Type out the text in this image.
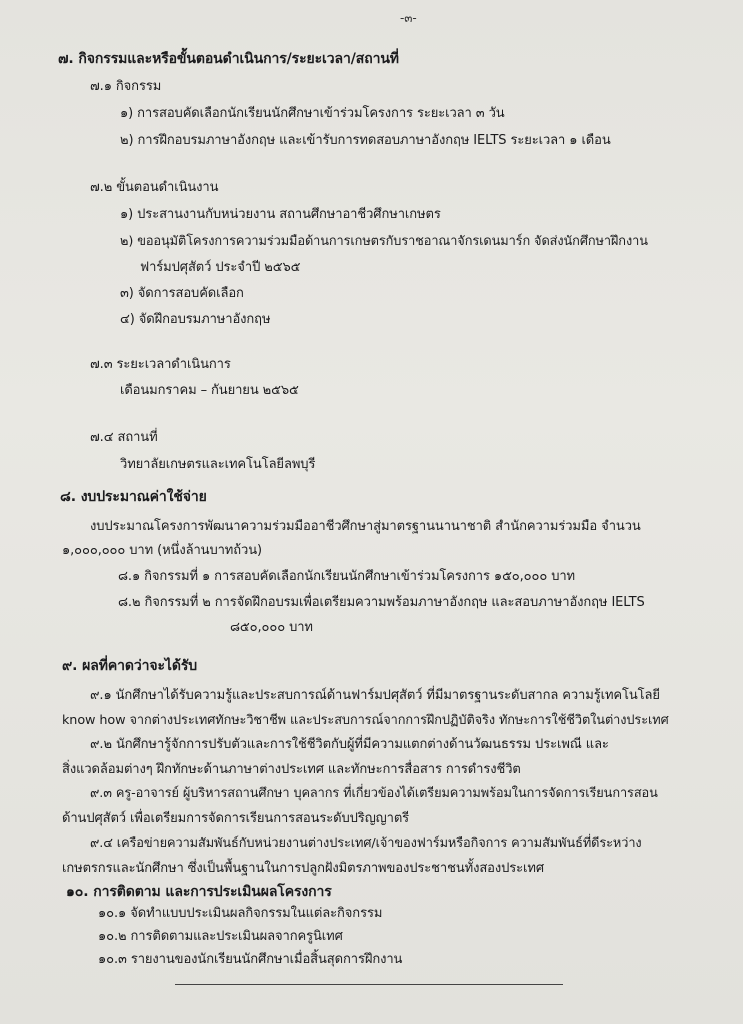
-๓-
๗. กิจกรรมและหรือขั้นตอนดำเนินการ/ระยะเวลา/สถานที่
๗.๑ กิจกรรม
๑) การสอบคัดเลือกนักเรียนนักศึกษาเข้าร่วมโครงการ ระยะเวลา ๓ วัน
๒) การฝึกอบรมภาษาอังกฤษ และเข้ารับการทดสอบภาษาอังกฤษ IELTS ระยะเวลา ๑ เดือน
๗.๒ ขั้นตอนดำเนินงาน
๑) ประสานงานกับหน่วยงาน สถานศึกษาอาชีวศึกษาเกษตร
๒) ขออนุมัติโครงการความร่วมมือด้านการเกษตรกับราชอาณาจักรเดนมาร์ก จัดส่งนักศึกษาฝึกงาน
ฟาร์มปศุสัตว์ ประจำปี ๒๕๖๕
๓) จัดการสอบคัดเลือก
๔) จัดฝึกอบรมภาษาอังกฤษ
๗.๓ ระยะเวลาดำเนินการ
เดือนมกราคม – กันยายน ๒๕๖๕
๗.๔ สถานที่
วิทยาลัยเกษตรและเทคโนโลยีลพบุรี
๘. งบประมาณค่าใช้จ่าย
งบประมาณโครงการพัฒนาความร่วมมืออาชีวศึกษาสู่มาตรฐานนานาชาติ สำนักความร่วมมือ จำนวน
๑,๐๐๐,๐๐๐ บาท (หนึ่งล้านบาทถ้วน)
๘.๑ กิจกรรมที่ ๑ การสอบคัดเลือกนักเรียนนักศึกษาเข้าร่วมโครงการ ๑๕๐,๐๐๐ บาท
๘.๒ กิจกรรมที่ ๒ การจัดฝึกอบรมเพื่อเตรียมความพร้อมภาษาอังกฤษ และสอบภาษาอังกฤษ IELTS
๘๕๐,๐๐๐ บาท
๙. ผลที่คาดว่าจะได้รับ
๙.๑ นักศึกษาได้รับความรู้และประสบการณ์ด้านฟาร์มปศุสัตว์ ที่มีมาตรฐานระดับสากล ความรู้เทคโนโลยี
know how จากต่างประเทศทักษะวิชาชีพ และประสบการณ์จากการฝึกปฏิบัติจริง ทักษะการใช้ชีวิตในต่างประเทศ
๙.๒ นักศึกษารู้จักการปรับตัวและการใช้ชีวิตกับผู้ที่มีความแตกต่างด้านวัฒนธรรม ประเพณี และ
สิ่งแวดล้อมต่างๆ ฝึกทักษะด้านภาษาต่างประเทศ และทักษะการสื่อสาร การดำรงชีวิต
๙.๓ ครู-อาจารย์ ผู้บริหารสถานศึกษา บุคลากร ที่เกี่ยวข้องได้เตรียมความพร้อมในการจัดการเรียนการสอน
ด้านปศุสัตว์ เพื่อเตรียมการจัดการเรียนการสอนระดับปริญญาตรี
๙.๔ เครือข่ายความสัมพันธ์กับหน่วยงานต่างประเทศ/เจ้าของฟาร์มหรือกิจการ ความสัมพันธ์ที่ดีระหว่าง
เกษตรกรและนักศึกษา ซึ่งเป็นพื้นฐานในการปลูกฝังมิตรภาพของประชาชนทั้งสองประเทศ
๑๐. การติดตาม และการประเมินผลโครงการ
๑๐.๑ จัดทำแบบประเมินผลกิจกรรมในแต่ละกิจกรรม
๑๐.๒ การติดตามและประเมินผลจากครูนิเทศ
๑๐.๓ รายงานของนักเรียนนักศึกษาเมื่อสิ้นสุดการฝึกงาน
